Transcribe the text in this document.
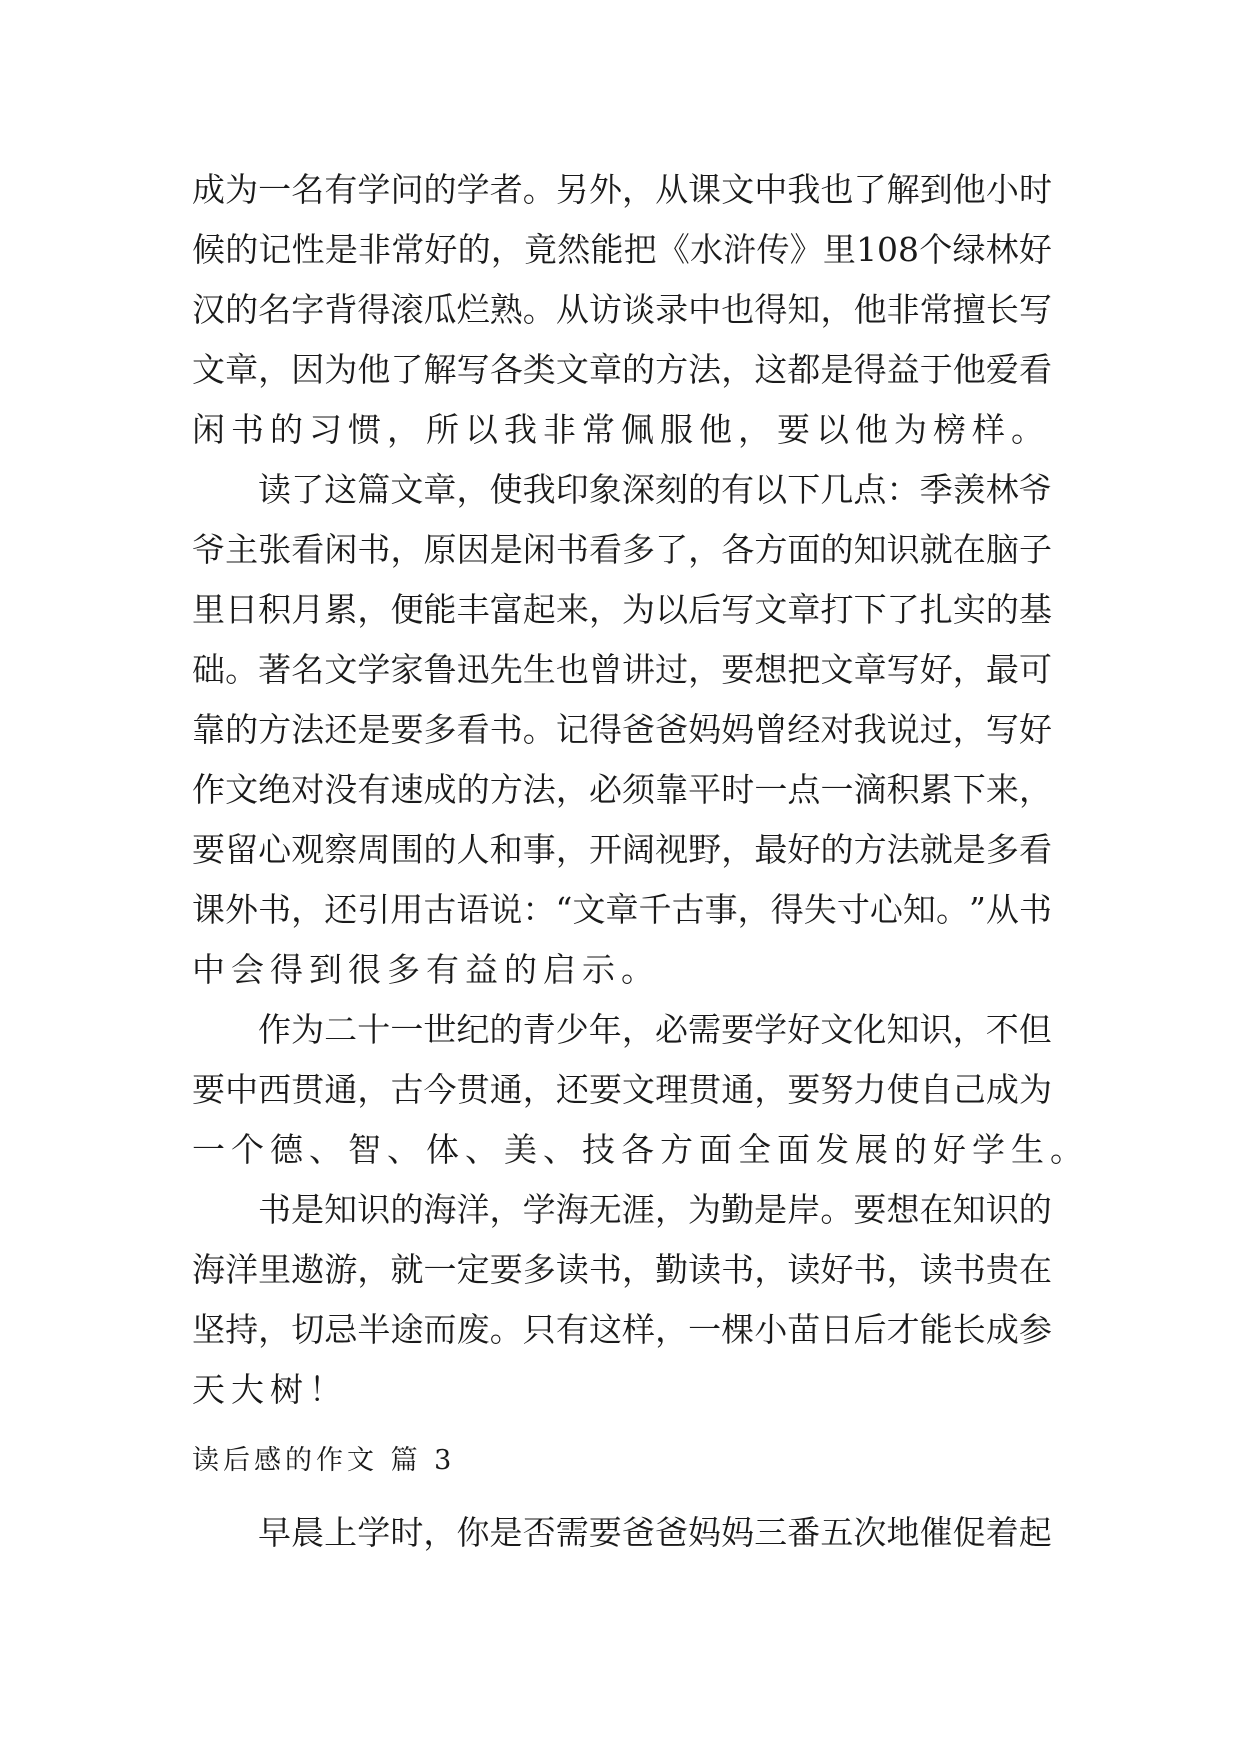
成 为 一 名 有 学 问 的 学 者 。 另 外 ， 从 课 文 中 我 也 了 解 到 他 小 时
候 的 记 性 是 非 常 好 的 ， 竟 然 能 把 《 水 浒 传 》 里 108 个 绿 林 好
汉 的 名 字 背 得 滚 瓜 烂 熟 。 从 访 谈 录 中 也 得 知 ， 他 非 常 擅 长 写
文 章 ， 因 为 他 了 解 写 各 类 文 章 的 方 法 ， 这 都 是 得 益 于 他 爱 看
闲书的习惯，所以我非常佩服他，要以他为榜样。
读 了 这 篇 文 章 ， 使 我 印 象 深 刻 的 有 以 下 几 点 ： 季 羡 林 爷
爷 主 张 看 闲 书 ， 原 因 是 闲 书 看 多 了 ， 各 方 面 的 知 识 就 在 脑 子
里 日 积 月 累 ， 便 能 丰 富 起 来 ， 为 以 后 写 文 章 打 下 了 扎 实 的 基
础 。 著 名 文 学 家 鲁 迅 先 生 也 曾 讲 过 ， 要 想 把 文 章 写 好 ， 最 可
靠 的 方 法 还 是 要 多 看 书 。 记 得 爸 爸 妈 妈 曾 经 对 我 说 过 ， 写 好
作 文 绝 对 没 有 速 成 的 方 法 ， 必 须 靠 平 时 一 点 一 滴 积 累 下 来 ，
要 留 心 观 察 周 围 的 人 和 事 ， 开 阔 视 野 ， 最 好 的 方 法 就 是 多 看
课 外 书 ， 还 引 用 古 语 说 ： “ 文 章 千 古 事 ， 得 失 寸 心 知 。 ” 从 书
中会得到很多有益的启示。
作 为 二 十 一 世 纪 的 青 少 年 ， 必 需 要 学 好 文 化 知 识 ， 不 但
要 中 西 贯 通 ， 古 今 贯 通 ， 还 要 文 理 贯 通 ， 要 努 力 使 自 己 成 为
一个德、智、体、美、技各方面全面发展的好学生。
书 是 知 识 的 海 洋 ， 学 海 无 涯 ， 为 勤 是 岸 。 要 想 在 知 识 的
海 洋 里 遨 游 ， 就 一 定 要 多 读 书 ， 勤 读 书 ， 读 好 书 ， 读 书 贵 在
坚 持 ， 切 忌 半 途 而 废 。 只 有 这 样 ， 一 棵 小 苗 日 后 才 能 长 成 参
天大树！
读后感的作文 篇 3
早 晨 上 学 时 ， 你 是 否 需 要 爸 爸 妈 妈 三 番 五 次 地 催 促 着 起
